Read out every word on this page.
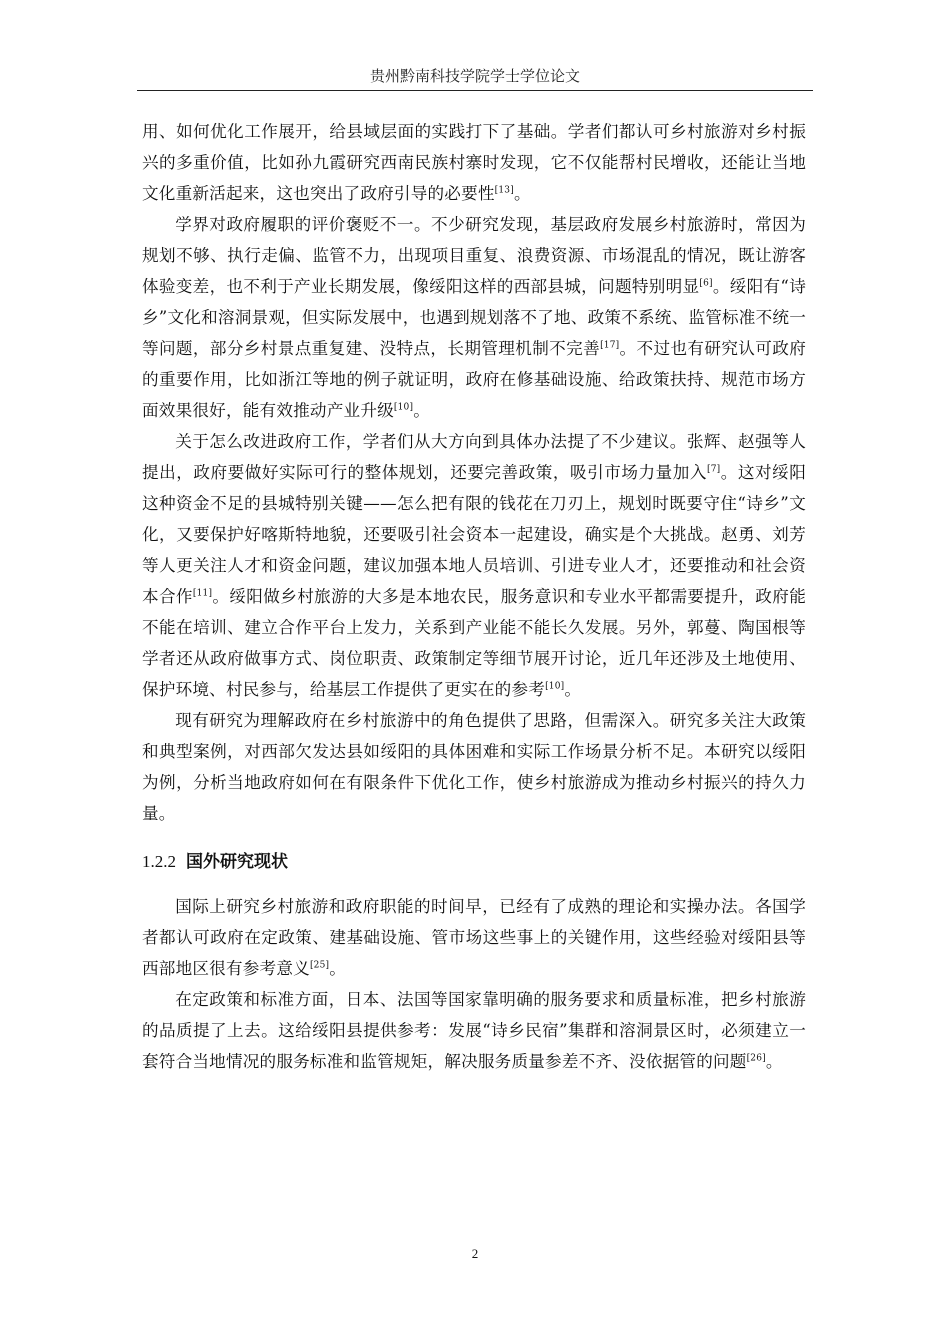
贵州黔南科技学院学士学位论文

用、如何优化工作展开，给县域层面的实践打下了基础。学者们都认可乡村旅游对乡村振兴的多重价值，比如孙九霞研究西南民族村寨时发现，它不仅能帮村民增收，还能让当地文化重新活起来，这也突出了政府引导的必要性[13]。

学界对政府履职的评价褒贬不一。不少研究发现，基层政府发展乡村旅游时，常因为规划不够、执行走偏、监管不力，出现项目重复、浪费资源、市场混乱的情况，既让游客体验变差，也不利于产业长期发展，像绥阳这样的西部县城，问题特别明显[6]。绥阳有“诗乡”文化和溶洞景观，但实际发展中，也遇到规划落不了地、政策不系统、监管标准不统一等问题，部分乡村景点重复建、没特点，长期管理机制不完善[17]。不过也有研究认可政府的重要作用，比如浙江等地的例子就证明，政府在修基础设施、给政策扶持、规范市场方面效果很好，能有效推动产业升级[10]。

关于怎么改进政府工作，学者们从大方向到具体办法提了不少建议。张辉、赵强等人提出，政府要做好实际可行的整体规划，还要完善政策，吸引市场力量加入[7]。这对绥阳这种资金不足的县城特别关键——怎么把有限的钱花在刀刃上，规划时既要守住“诗乡”文化，又要保护好喀斯特地貌，还要吸引社会资本一起建设，确实是个大挑战。赵勇、刘芳等人更关注人才和资金问题，建议加强本地人员培训、引进专业人才，还要推动和社会资本合作[11]。绥阳做乡村旅游的大多是本地农民，服务意识和专业水平都需要提升，政府能不能在培训、建立合作平台上发力，关系到产业能不能长久发展。另外，郭蔓、陶国根等学者还从政府做事方式、岗位职责、政策制定等细节展开讨论，近几年还涉及土地使用、保护环境、村民参与，给基层工作提供了更实在的参考[10]。

现有研究为理解政府在乡村旅游中的角色提供了思路，但需深入。研究多关注大政策和典型案例，对西部欠发达县如绥阳的具体困难和实际工作场景分析不足。本研究以绥阳为例，分析当地政府如何在有限条件下优化工作，使乡村旅游成为推动乡村振兴的持久力量。

1.2.2 国外研究现状

国际上研究乡村旅游和政府职能的时间早，已经有了成熟的理论和实操办法。各国学者都认可政府在定政策、建基础设施、管市场这些事上的关键作用，这些经验对绥阳县等西部地区很有参考意义[25]。

在定政策和标准方面，日本、法国等国家靠明确的服务要求和质量标准，把乡村旅游的品质提了上去。这给绥阳县提供参考：发展“诗乡民宿”集群和溶洞景区时，必须建立一套符合当地情况的服务标准和监管规矩，解决服务质量参差不齐、没依据管的问题[26]。

2
